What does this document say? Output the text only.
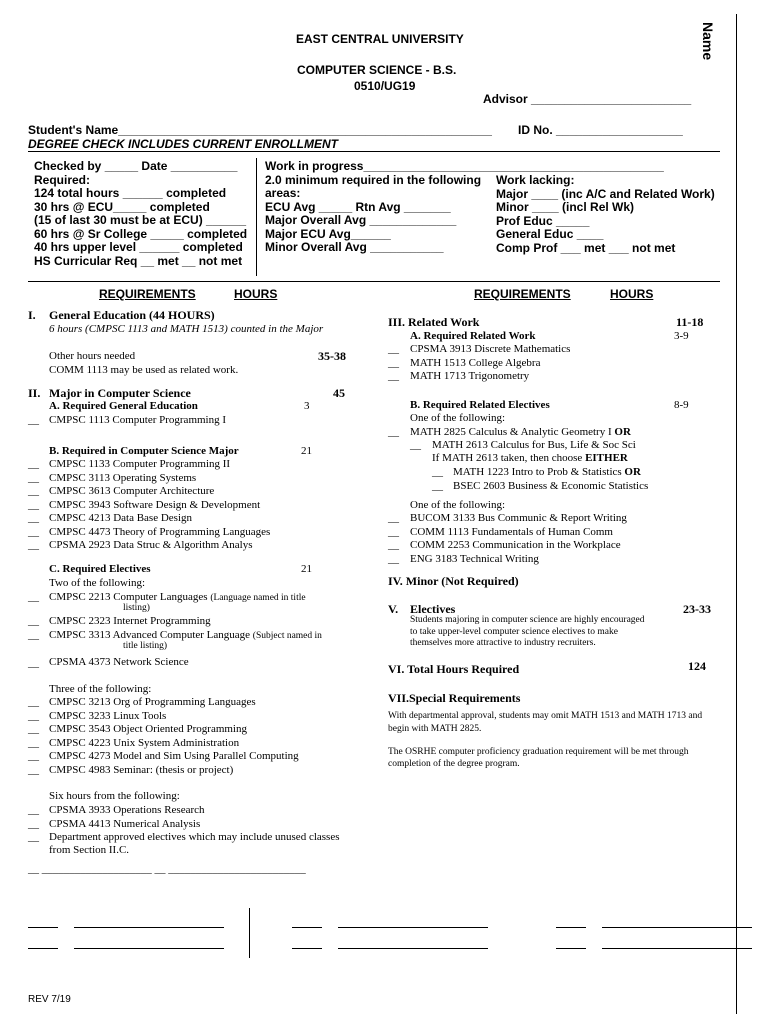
EAST CENTRAL UNIVERSITY
COMPUTER SCIENCE - B.S.
0510/UG19
Advisor ________________________
Name
Student's Name________________________________________________________ ID No. ___________________
DEGREE CHECK INCLUDES CURRENT ENROLLMENT
Checked by _____ Date __________
Required:
124 total hours ______ completed
30 hrs @ ECU_____ completed
(15 of last 30 must be at ECU) ______
60 hrs @ Sr College _____ completed
40 hrs upper level ______ completed
HS Curricular Req __ met __ not met
Work in progress_____________________________________________
2.0 minimum required in the following
areas:
ECU Avg _____ Rtn Avg _______
Major Overall Avg _____________
Major ECU Avg______
Minor Overall Avg ___________
Work lacking:
Major ____ (inc A/C and Related Work)
Minor ____ (incl Rel Wk)
Prof Educ _____
General Educ ____
Comp Prof ___ met ___ not met
REQUIREMENTS	HOURS	REQUIREMENTS	HOURS
I. General Education (44 HOURS)
6 hours (CMPSC 1113 and MATH 1513) counted in the Major
Other hours needed	35-38
COMM 1113 may be used as related work.
II. Major in Computer Science	45
A. Required General Education	3
__ CMPSC 1113 Computer Programming I
B. Required in Computer Science Major	21
__ CMPSC 1133 Computer Programming II
__ CMPSC 3113 Operating Systems
__ CMPSC 3613 Computer Architecture
__ CMPSC 3943 Software Design & Development
__ CMPSC 4213 Data Base Design
__ CMPSC 4473 Theory of Programming Languages
__ CPSMA 2923 Data Struc & Algorithm Analys
C. Required Electives	21
Two of the following:
__ CMPSC 2213 Computer Languages (Language named in title
listing)
__ CMPSC 2323 Internet Programming
__ CMPSC 3313 Advanced Computer Language (Subject named in
title listing)
__ CPSMA 4373 Network Science
Three of the following:
__ CMPSC 3213 Org of Programming Languages
__ CMPSC 3233 Linux Tools
__ CMPSC 3543 Object Oriented Programming
__ CMPSC 4223 Unix System Administration
__ CMPSC 4273 Model and Sim Using Parallel Computing
__ CMPSC 4983 Seminar: (thesis or project)
Six hours from the following:
__ CPSMA 3933 Operations Research
__ CPSMA 4413 Numerical Analysis
__ Department approved electives which may include unused classes
from Section II.C.
__ ____________________ __ _________________________
III. Related Work	11-18
A. Required Related Work	3-9
__ CPSMA 3913 Discrete Mathematics
__ MATH 1513 College Algebra
__ MATH 1713 Trigonometry
B. Required Related Electives	8-9
One of the following:
__ MATH 2825 Calculus & Analytic Geometry I OR
__ MATH 2613 Calculus for Bus, Life & Soc Sci
If MATH 2613 taken, then choose EITHER
__ MATH 1223 Intro to Prob & Statistics OR
__ BSEC 2603 Business & Economic Statistics
One of the following:
__ BUCOM 3133 Bus Communic & Report Writing
__ COMM 1113 Fundamentals of Human Comm
__ COMM 2253 Communication in the Workplace
__ ENG 3183 Technical Writing
IV. Minor (Not Required)
V. Electives	23-33
Students majoring in computer science are highly encouraged
to take upper-level computer science electives to make
themselves more attractive to industry recruiters.
VI. Total Hours Required	124
VII.Special Requirements
With departmental approval, students may omit MATH 1513 and MATH 1713 and
begin with MATH 2825.
The OSRHE computer proficiency graduation requirement will be met through
completion of the degree program.
REV 7/19
